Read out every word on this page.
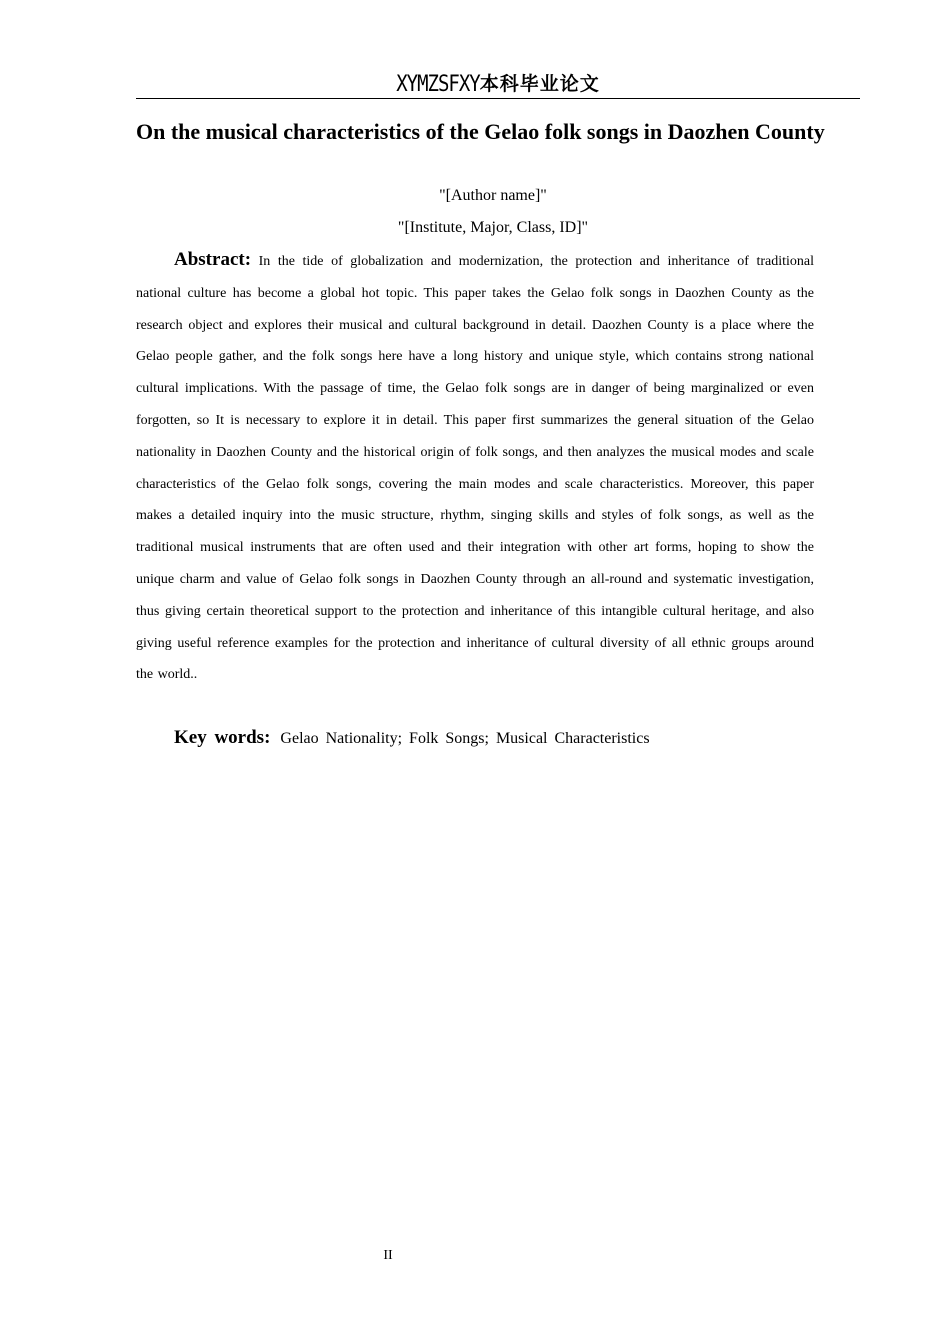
XYMZSFXY本科毕业论文
On the musical characteristics of the Gelao folk songs in Daozhen County
"[Author name]"
"[Institute, Major, Class, ID]"

Abstract: In the tide of globalization and modernization, the protection and inheritance of traditional national culture has become a global hot topic. This paper takes the Gelao folk songs in Daozhen County as the research object and explores their musical and cultural background in detail. Daozhen County is a place where the Gelao people gather, and the folk songs here have a long history and unique style, which contains strong national cultural implications. With the passage of time, the Gelao folk songs are in danger of being marginalized or even forgotten, so It is necessary to explore it in detail. This paper first summarizes the general situation of the Gelao nationality in Daozhen County and the historical origin of folk songs, and then analyzes the musical modes and scale characteristics of the Gelao folk songs, covering the main modes and scale characteristics. Moreover, this paper makes a detailed inquiry into the music structure, rhythm, singing skills and styles of folk songs, as well as the traditional musical instruments that are often used and their integration with other art forms, hoping to show the unique charm and value of Gelao folk songs in Daozhen County through an all-round and systematic investigation, thus giving certain theoretical support to the protection and inheritance of this intangible cultural heritage, and also giving useful reference examples for the protection and inheritance of cultural diversity of all ethnic groups around the world..

Key words: Gelao Nationality; Folk Songs; Musical Characteristics

II
